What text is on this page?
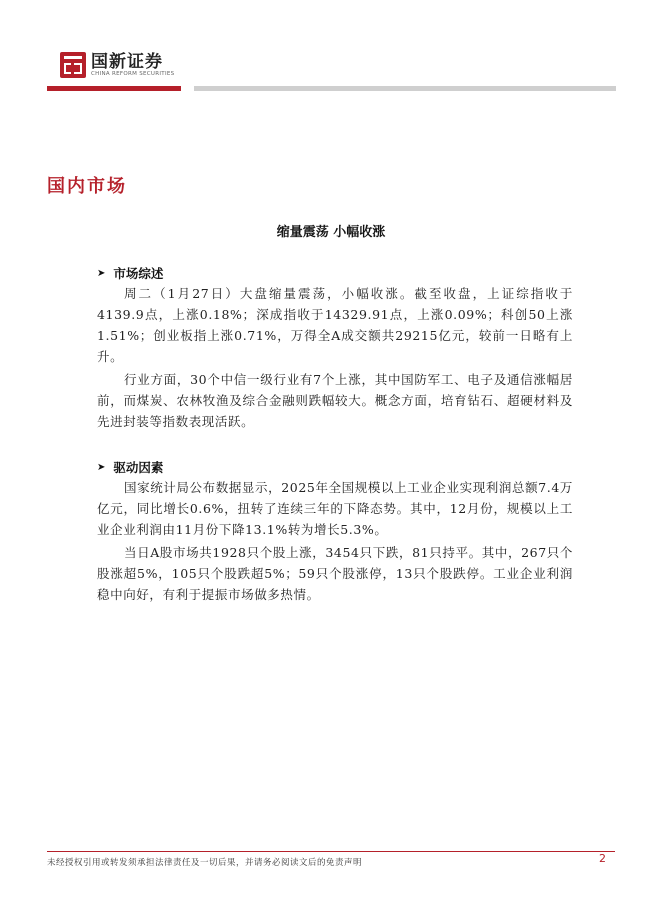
国新证券
CHINA REFORM SECURITIES
国内市场
缩量震荡 小幅收涨
➤ 市场综述

周二（1月27日）大盘缩量震荡，小幅收涨。截至收盘，上证综指收于4139.9点，上涨0.18%；深成指收于14329.91点，上涨0.09%；科创50上涨1.51%；创业板指上涨0.71%，万得全A成交额共29215亿元，较前一日略有上升。

行业方面，30个中信一级行业有7个上涨，其中国防军工、电子及通信涨幅居前，而煤炭、农林牧渔及综合金融则跌幅较大。概念方面，培育钻石、超硬材料及先进封装等指数表现活跃。

➤ 驱动因素

国家统计局公布数据显示，2025年全国规模以上工业企业实现利润总额7.4万亿元，同比增长0.6%，扭转了连续三年的下降态势。其中，12月份，规模以上工业企业利润由11月份下降13.1%转为增长5.3%。

当日A股市场共1928只个股上涨，3454只下跌，81只持平。其中，267只个股涨超5%，105只个股跌超5%；59只个股涨停，13只个股跌停。工业企业利润稳中向好，有利于提振市场做多热情。

未经授权引用或转发须承担法律责任及一切后果，并请务必阅读文后的免责声明	2
